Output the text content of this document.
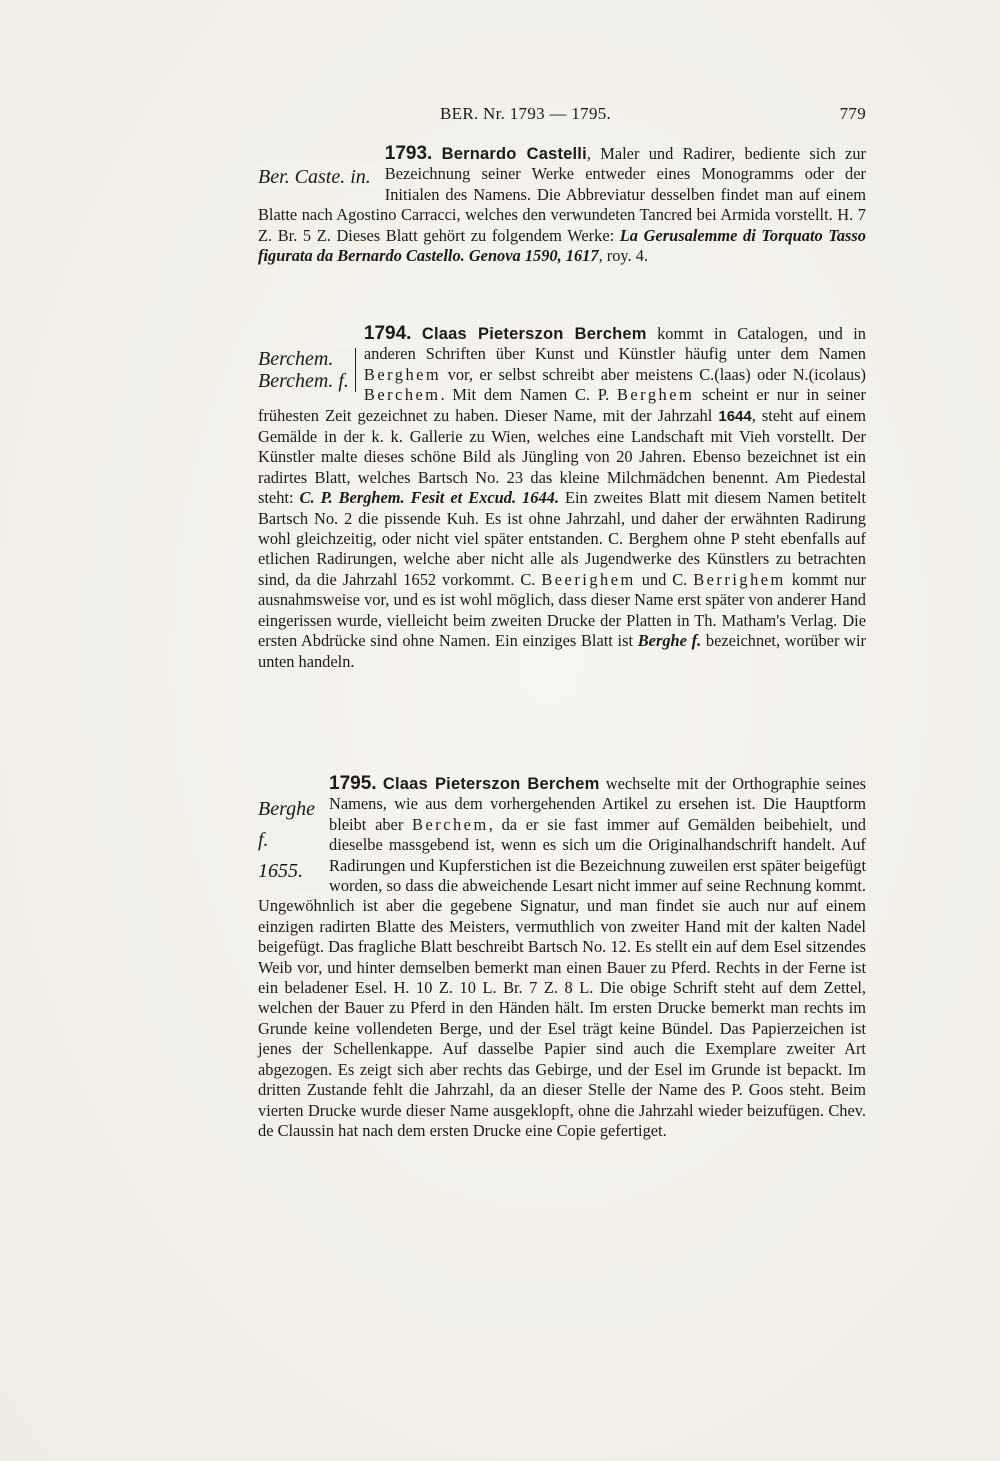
BER. Nr. 1793 — 1795.	779

1793. Bernardo Castelli, Maler und Radirer, bediente sich zur Bezeichnung seiner Werke entweder eines Monogramms oder der Initialen des Namens. Die Abbreviatur desselben findet man auf einem Blatte nach Agostino Carracci, welches den verwundeten Tancred bei Armida vorstellt. H. 7 Z. Br. 5 Z. Dieses Blatt gehört zu folgendem Werke: La Gerusalemme di Torquato Tasso figurata da Bernardo Castello. Genova 1590, 1617, roy. 4.

Ber. Caste. in.

1794. Claas Pieterszon Berchem kommt in Catalogen, und in anderen Schriften über Kunst und Künstler häufig unter dem Namen Berghem vor, er selbst schreibt aber meistens C.(laas) oder N.(icolaus) Berchem. Mit dem Namen C. P. Berghem scheint er nur in seiner frühesten Zeit gezeichnet zu haben. Dieser Name, mit der Jahrzahl 1644, steht auf einem Gemälde in der k. k. Gallerie zu Wien, welches eine Landschaft mit Vieh vorstellt. Der Künstler malte dieses schöne Bild als Jüngling von 20 Jahren. Ebenso bezeichnet ist ein radirtes Blatt, welches Bartsch No. 23 das kleine Milchmädchen benennt. Am Piedestal steht: C. P. Berghem. Fesit et Excud. 1644. Ein zweites Blatt mit diesem Namen betitelt Bartsch No. 2 die pissende Kuh. Es ist ohne Jahrzahl, und daher der erwähnten Radirung wohl gleichzeitig, oder nicht viel später entstanden. C. Berghem ohne P steht ebenfalls auf etlichen Radirungen, welche aber nicht alle als Jugendwerke des Künstlers zu betrachten sind, da die Jahrzahl 1652 vorkommt. C. Beerighem und C. Berrighem kommt nur ausnahmsweise vor, und es ist wohl möglich, dass dieser Name erst später von anderer Hand eingerissen wurde, vielleicht beim zweiten Drucke der Platten in Th. Matham's Verlag. Die ersten Abdrücke sind ohne Namen. Ein einziges Blatt ist Berghe f. bezeichnet, worüber wir unten handeln.

Berchem.
Berchem. f.

1795. Claas Pieterszon Berchem wechselte mit der Orthographie seines Namens, wie aus dem vorhergehenden Artikel zu ersehen ist. Die Hauptform bleibt aber Berchem, da er sie fast immer auf Gemälden beibehielt, und dieselbe massgebend ist, wenn es sich um die Originalhandschrift handelt. Auf Radirungen und Kupferstichen ist die Bezeichnung zuweilen erst später beigefügt worden, so dass die abweichende Lesart nicht immer auf seine Rechnung kommt. Ungewöhnlich ist aber die gegebene Signatur, und man findet sie auch nur auf einem einzigen radirten Blatte des Meisters, vermuthlich von zweiter Hand mit der kalten Nadel beigefügt. Das fragliche Blatt beschreibt Bartsch No. 12. Es stellt ein auf dem Esel sitzendes Weib vor, und hinter demselben bemerkt man einen Bauer zu Pferd. Rechts in der Ferne ist ein beladener Esel. H. 10 Z. 10 L. Br. 7 Z. 8 L. Die obige Schrift steht auf dem Zettel, welchen der Bauer zu Pferd in den Händen hält. Im ersten Drucke bemerkt man rechts im Grunde keine vollendeten Berge, und der Esel trägt keine Bündel. Das Papierzeichen ist jenes der Schellenkappe. Auf dasselbe Papier sind auch die Exemplare zweiter Art abgezogen. Es zeigt sich aber rechts das Gebirge, und der Esel im Grunde ist bepackt. Im dritten Zustande fehlt die Jahrzahl, da an dieser Stelle der Name des P. Goos steht. Beim vierten Drucke wurde dieser Name ausgeklopft, ohne die Jahrzahl wieder beizufügen. Chev. de Claussin hat nach dem ersten Drucke eine Copie gefertiget.

Berghe
f.
1655.
